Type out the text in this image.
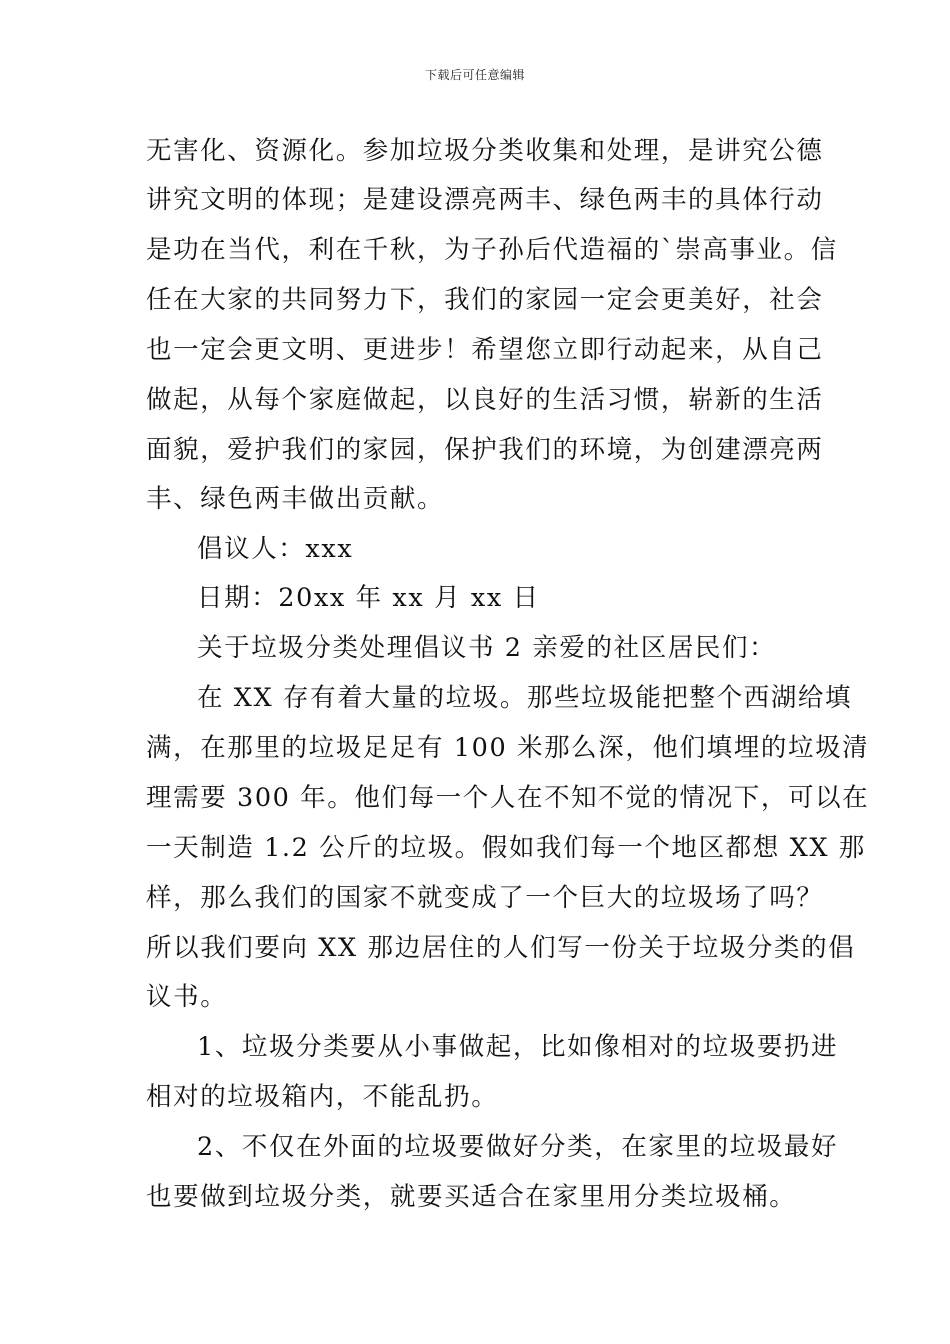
下载后可任意编辑
无害化、资源化。参加垃圾分类收集和处理，是讲究公德
讲究文明的体现；是建设漂亮两丰、绿色两丰的具体行动
是功在当代，利在千秋，为子孙后代造福的`崇高事业。信
任在大家的共同努力下，我们的家园一定会更美好，社会
也一定会更文明、更进步！希望您立即行动起来，从自己
做起，从每个家庭做起，以良好的生活习惯，崭新的生活
面貌，爱护我们的家园，保护我们的环境，为创建漂亮两
丰、绿色两丰做出贡献。
倡议人：xxx
日期：20xx 年 xx 月 xx 日
关于垃圾分类处理倡议书 2 亲爱的社区居民们：
在 XX 存有着大量的垃圾。那些垃圾能把整个西湖给填
满，在那里的垃圾足足有 100 米那么深，他们填埋的垃圾清
理需要 300 年。他们每一个人在不知不觉的情况下，可以在
一天制造 1.2 公斤的垃圾。假如我们每一个地区都想 XX 那
样，那么我们的国家不就变成了一个巨大的垃圾场了吗？
所以我们要向 XX 那边居住的人们写一份关于垃圾分类的倡
议书。
1、垃圾分类要从小事做起，比如像相对的垃圾要扔进
相对的垃圾箱内，不能乱扔。
2、不仅在外面的垃圾要做好分类，在家里的垃圾最好
也要做到垃圾分类，就要买适合在家里用分类垃圾桶。
